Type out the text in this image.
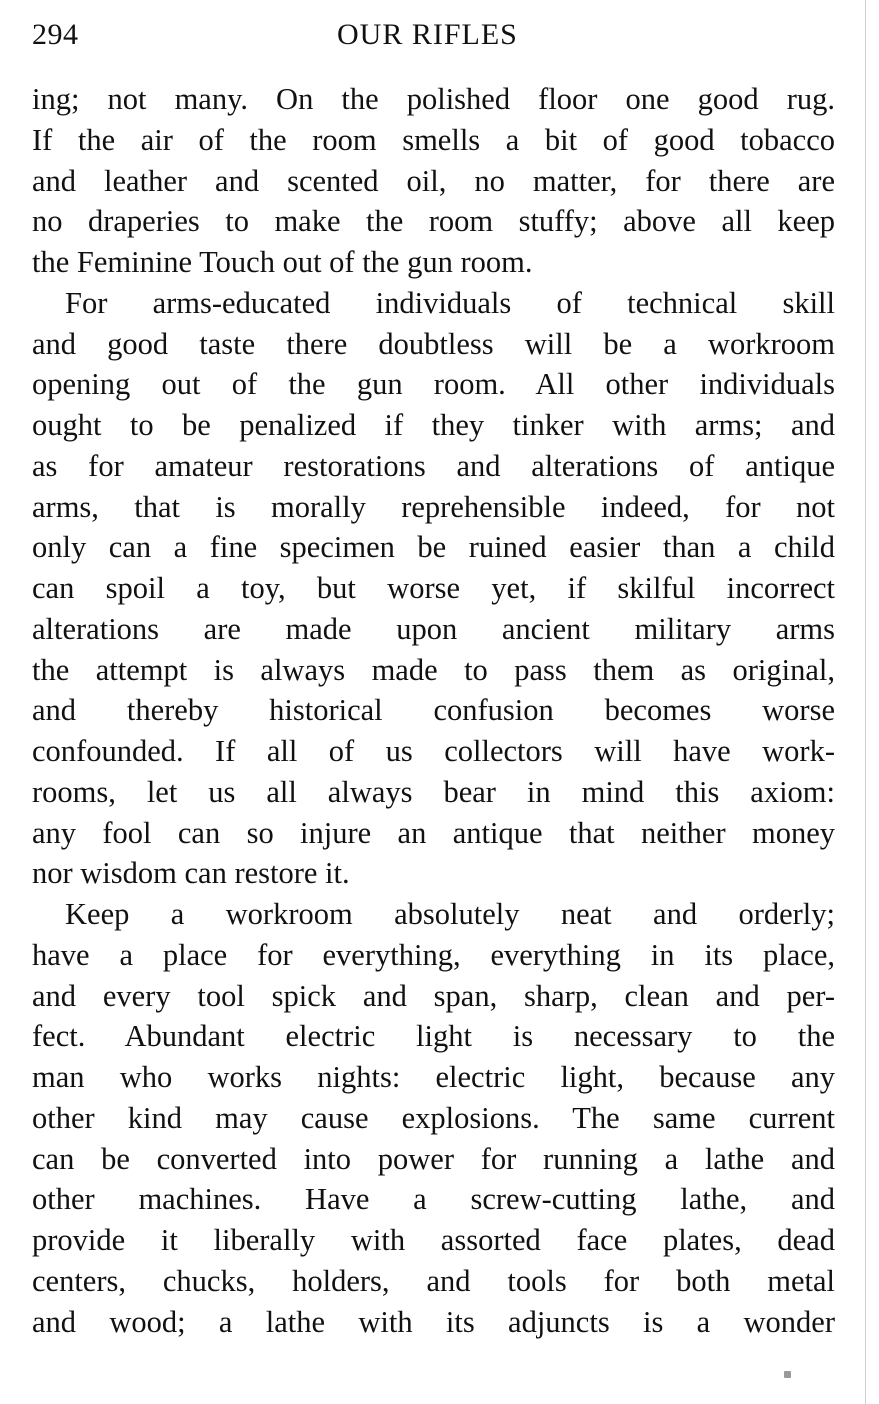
294	OUR RIFLES
ing; not many. On the polished floor one good rug.
If the air of the room smells a bit of good tobacco
and leather and scented oil, no matter, for there are
no draperies to make the room stuffy; above all keep
the Feminine Touch out of the gun room.
For arms-educated individuals of technical skill
and good taste there doubtless will be a workroom
opening out of the gun room. All other individuals
ought to be penalized if they tinker with arms; and
as for amateur restorations and alterations of antique
arms, that is morally reprehensible indeed, for not
only can a fine specimen be ruined easier than a child
can spoil a toy, but worse yet, if skilful incorrect
alterations are made upon ancient military arms
the attempt is always made to pass them as original,
and thereby historical confusion becomes worse
confounded. If all of us collectors will have work-
rooms, let us all always bear in mind this axiom:
any fool can so injure an antique that neither money
nor wisdom can restore it.
Keep a workroom absolutely neat and orderly;
have a place for everything, everything in its place,
and every tool spick and span, sharp, clean and per-
fect. Abundant electric light is necessary to the
man who works nights: electric light, because any
other kind may cause explosions. The same current
can be converted into power for running a lathe and
other machines. Have a screw-cutting lathe, and
provide it liberally with assorted face plates, dead
centers, chucks, holders, and tools for both metal
and wood; a lathe with its adjuncts is a wonder
